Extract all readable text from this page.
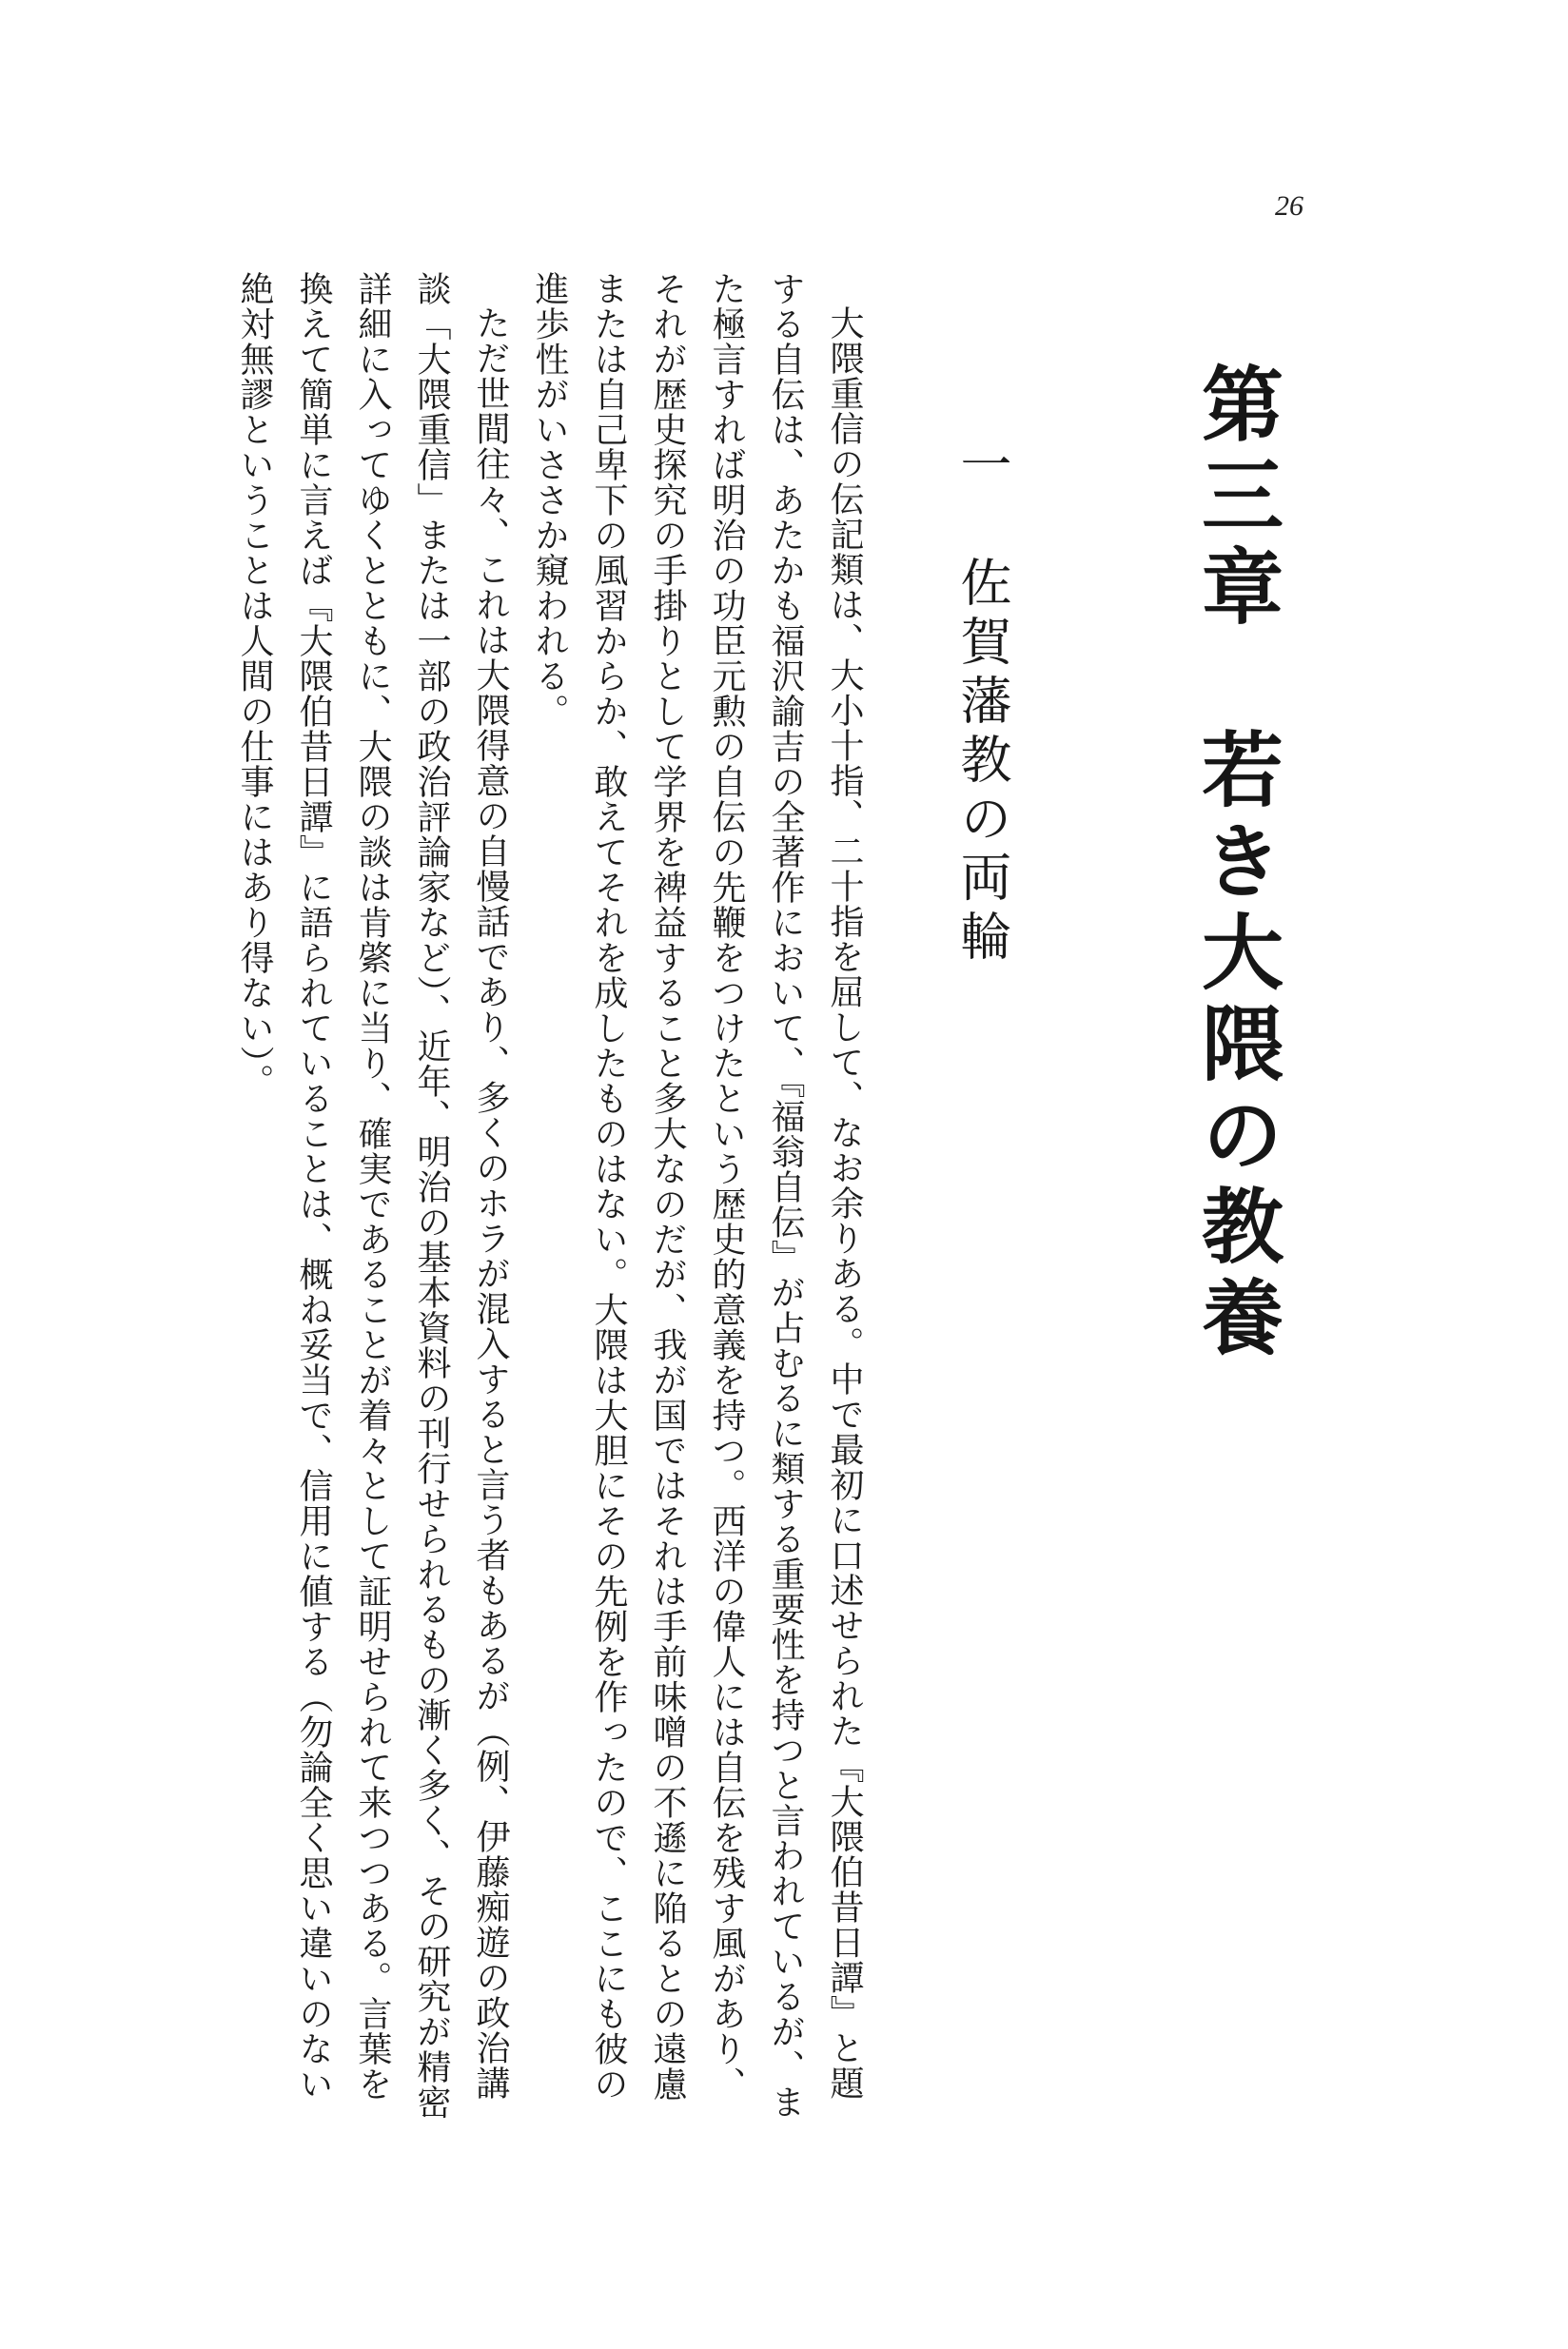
26
第三章　若き大隈の教養
一　佐賀藩教の両輪

大隈重信の伝記類は、大小十指、二十指を屈して、なお余りある。中で最初に口述せられた『大隈伯昔日譚』と題する自伝は、あたかも福沢諭吉の全著作において、『福翁自伝』が占むるに類する重要性を持つと言われているが、また極言すれば明治の功臣元勲の自伝の先鞭をつけたという歴史的意義を持つ。西洋の偉人には自伝を残す風があり、それが歴史探究の手掛りとして学界を裨益すること多大なのだが、我が国ではそれは手前味噌の不遜に陥るとの遠慮または自己卑下の風習からか、敢えてそれを成したものはない。大隈は大胆にその先例を作ったので、ここにも彼の進歩性がいささか窺われる。

ただ世間往々、これは大隈得意の自慢話であり、多くのホラが混入すると言う者もあるが（例、伊藤痴遊の政治講談「大隈重信」または一部の政治評論家など）、近年、明治の基本資料の刊行せられるもの漸く多く、その研究が精密詳細に入ってゆくとともに、大隈の談は肯綮に当り、確実であることが着々として証明せられて来つつある。言葉を換えて簡単に言えば『大隈伯昔日譚』に語られていることは、概ね妥当で、信用に値する（勿論全く思い違いのない絶対無謬ということは人間の仕事にはあり得ない）。
